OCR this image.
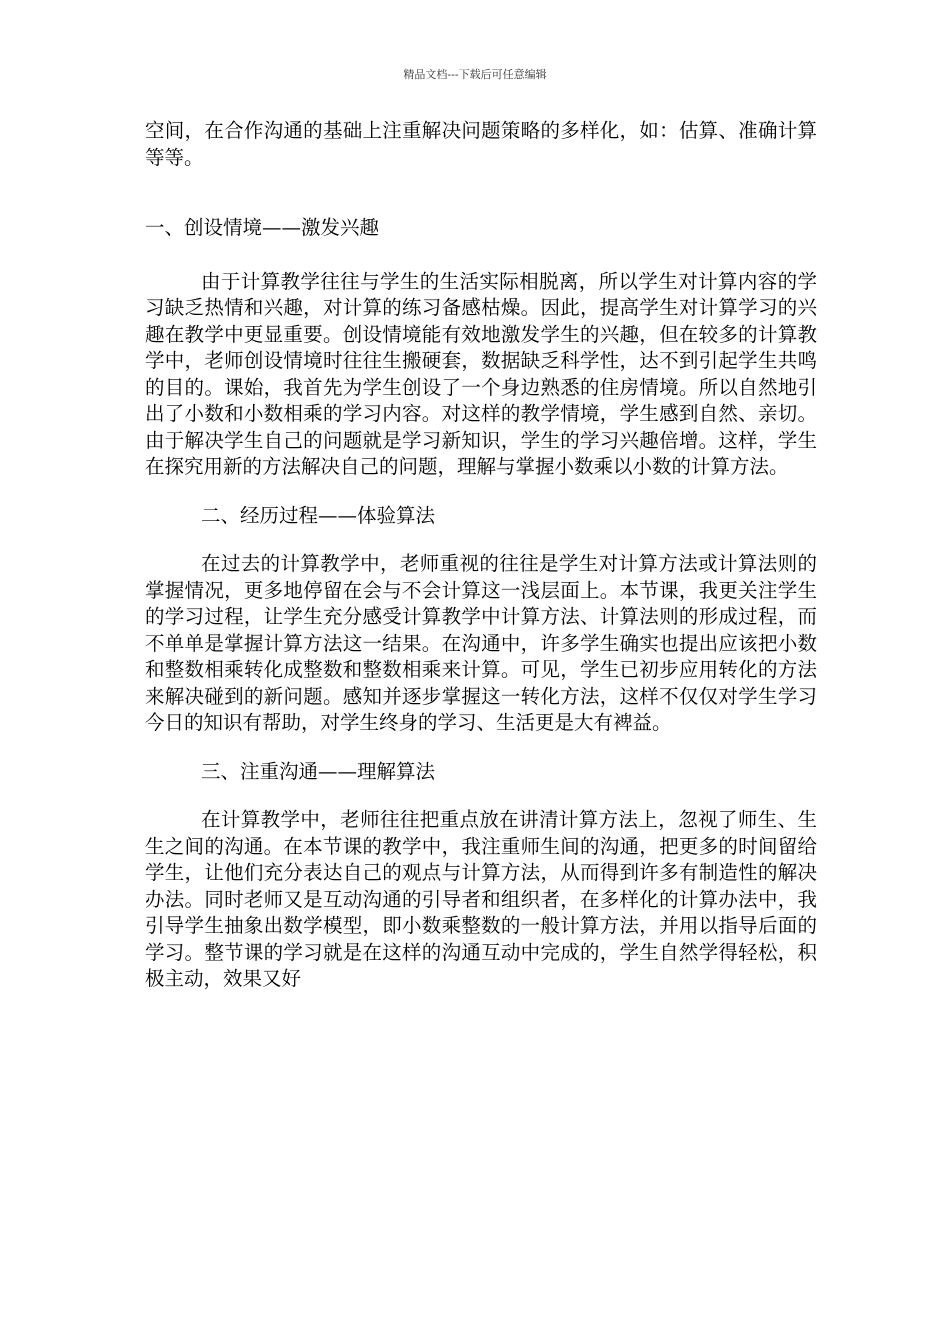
精品文档---下载后可任意编辑

空间，在合作沟通的基础上注重解决问题策略的多样化，如：估算、准确计算等等。

一、创设情境——激发兴趣

由于计算教学往往与学生的生活实际相脱离，所以学生对计算内容的学习缺乏热情和兴趣，对计算的练习备感枯燥。因此，提高学生对计算学习的兴趣在教学中更显重要。创设情境能有效地激发学生的兴趣，但在较多的计算教学中，老师创设情境时往往生搬硬套，数据缺乏科学性，达不到引起学生共鸣的目的。课始，我首先为学生创设了一个身边熟悉的住房情境。所以自然地引出了小数和小数相乘的学习内容。对这样的教学情境，学生感到自然、亲切。由于解决学生自己的问题就是学习新知识，学生的学习兴趣倍增。这样，学生在探究用新的方法解决自己的问题，理解与掌握小数乘以小数的计算方法。

二、经历过程——体验算法

在过去的计算教学中，老师重视的往往是学生对计算方法或计算法则的掌握情况，更多地停留在会与不会计算这一浅层面上。本节课，我更关注学生的学习过程，让学生充分感受计算教学中计算方法、计算法则的形成过程，而不单单是掌握计算方法这一结果。在沟通中，许多学生确实也提出应该把小数和整数相乘转化成整数和整数相乘来计算。可见，学生已初步应用转化的方法来解决碰到的新问题。感知并逐步掌握这一转化方法，这样不仅仅对学生学习今日的知识有帮助，对学生终身的学习、生活更是大有裨益。

三、注重沟通——理解算法

在计算教学中，老师往往把重点放在讲清计算方法上，忽视了师生、生生之间的沟通。在本节课的教学中，我注重师生间的沟通，把更多的时间留给学生，让他们充分表达自己的观点与计算方法，从而得到许多有制造性的解决办法。同时老师又是互动沟通的引导者和组织者，在多样化的计算办法中，我引导学生抽象出数学模型，即小数乘整数的一般计算方法，并用以指导后面的学习。整节课的学习就是在这样的沟通互动中完成的，学生自然学得轻松，积极主动，效果又好
